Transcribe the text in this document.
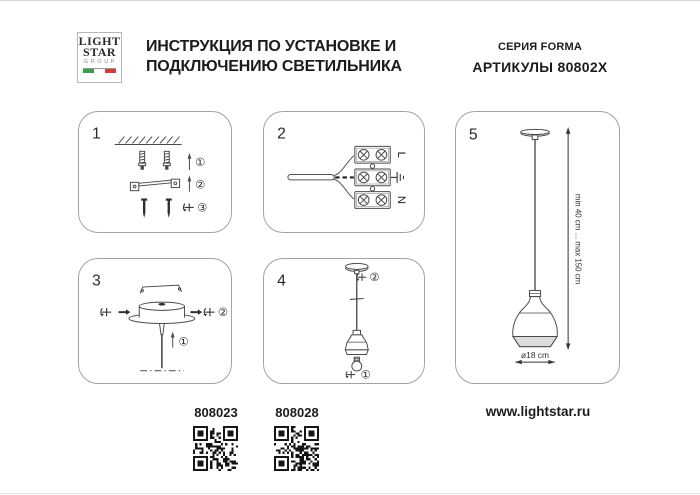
LIGHT
STAR
GROUP
ИНСТРУКЦИЯ ПО УСТАНОВКЕ И
ПОДКЛЮЧЕНИЮ СВЕТИЛЬНИКА
СЕРИЯ FORMA
АРТИКУЛЫ 80802X
1
①
②
③
2
L
N
3
①
②
4	②
①
5
min 40 cm ... max 150 cm
ø18 cm
808023	808028	www.lightstar.ru
